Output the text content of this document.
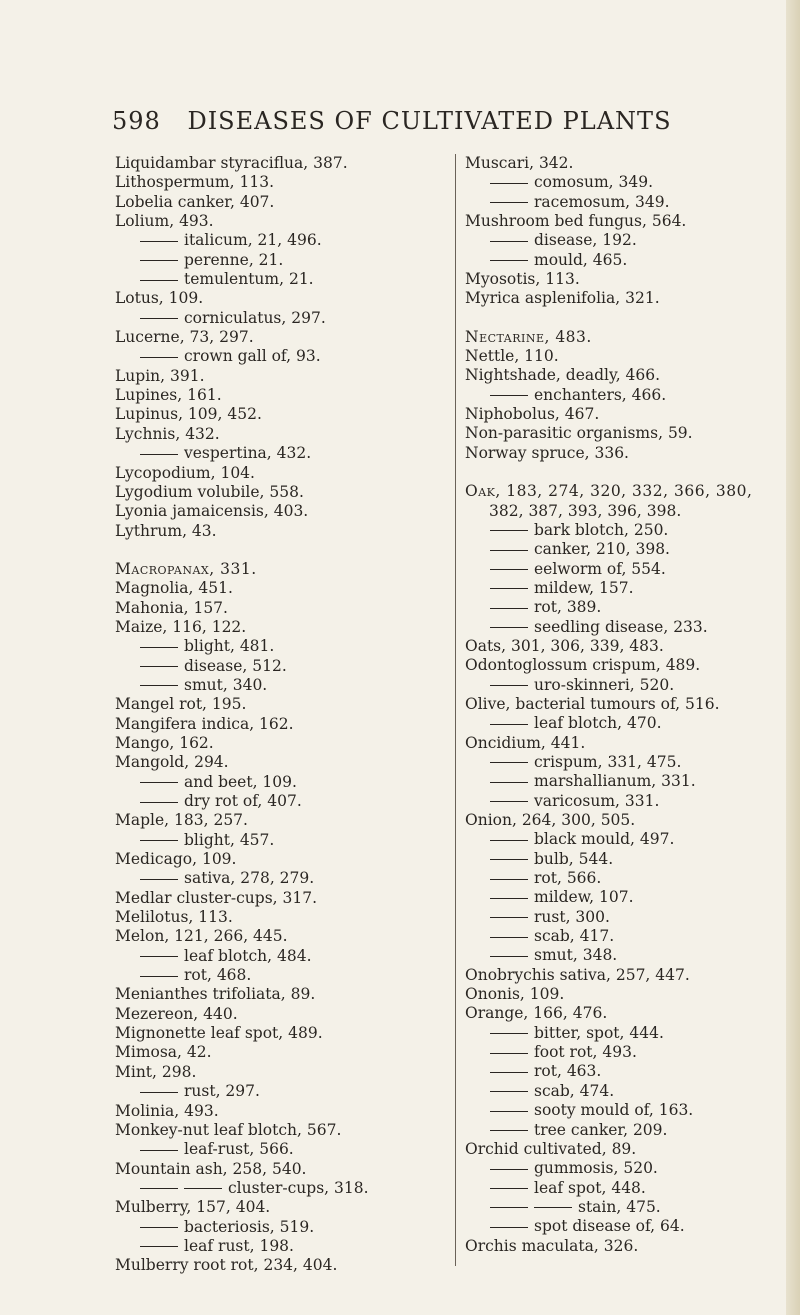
598 DISEASES OF CULTIVATED PLANTS
Liquidambar styraciflua, 387.
Lithospermum, 113.
Lobelia canker, 407.
Lolium, 493.
italicum, 21, 496.
perenne, 21.
temulentum, 21.
Lotus, 109.
corniculatus, 297.
Lucerne, 73, 297.
crown gall of, 93.
Lupin, 391.
Lupines, 161.
Lupinus, 109, 452.
Lychnis, 432.
vespertina, 432.
Lycopodium, 104.
Lygodium volubile, 558.
Lyonia jamaicensis, 403.
Lythrum, 43.
Macropanax, 331.
Magnolia, 451.
Mahonia, 157.
Maize, 116, 122.
blight, 481.
disease, 512.
smut, 340.
Mangel rot, 195.
Mangifera indica, 162.
Mango, 162.
Mangold, 294.
and beet, 109.
dry rot of, 407.
Maple, 183, 257.
blight, 457.
Medicago, 109.
sativa, 278, 279.
Medlar cluster-cups, 317.
Melilotus, 113.
Melon, 121, 266, 445.
leaf blotch, 484.
rot, 468.
Menianthes trifoliata, 89.
Mezereon, 440.
Mignonette leaf spot, 489.
Mimosa, 42.
Mint, 298.
rust, 297.
Molinia, 493.
Monkey-nut leaf blotch, 567.
leaf-rust, 566.
Mountain ash, 258, 540.
cluster-cups, 318.
Mulberry, 157, 404.
bacteriosis, 519.
leaf rust, 198.
Mulberry root rot, 234, 404.
Muscari, 342.
comosum, 349.
racemosum, 349.
Mushroom bed fungus, 564.
disease, 192.
mould, 465.
Myosotis, 113.
Myrica asplenifolia, 321.
Nectarine, 483.
Nettle, 110.
Nightshade, deadly, 466.
enchanters, 466.
Niphobolus, 467.
Non-parasitic organisms, 59.
Norway spruce, 336.
Oak, 183, 274, 320, 332, 366, 380,
382, 387, 393, 396, 398.
bark blotch, 250.
canker, 210, 398.
eelworm of, 554.
mildew, 157.
rot, 389.
seedling disease, 233.
Oats, 301, 306, 339, 483.
Odontoglossum crispum, 489.
uro-skinneri, 520.
Olive, bacterial tumours of, 516.
leaf blotch, 470.
Oncidium, 441.
crispum, 331, 475.
marshallianum, 331.
varicosum, 331.
Onion, 264, 300, 505.
black mould, 497.
bulb, 544.
rot, 566.
mildew, 107.
rust, 300.
scab, 417.
smut, 348.
Onobrychis sativa, 257, 447.
Ononis, 109.
Orange, 166, 476.
bitter, spot, 444.
foot rot, 493.
rot, 463.
scab, 474.
sooty mould of, 163.
tree canker, 209.
Orchid cultivated, 89.
gummosis, 520.
leaf spot, 448.
stain, 475.
spot disease of, 64.
Orchis maculata, 326.
